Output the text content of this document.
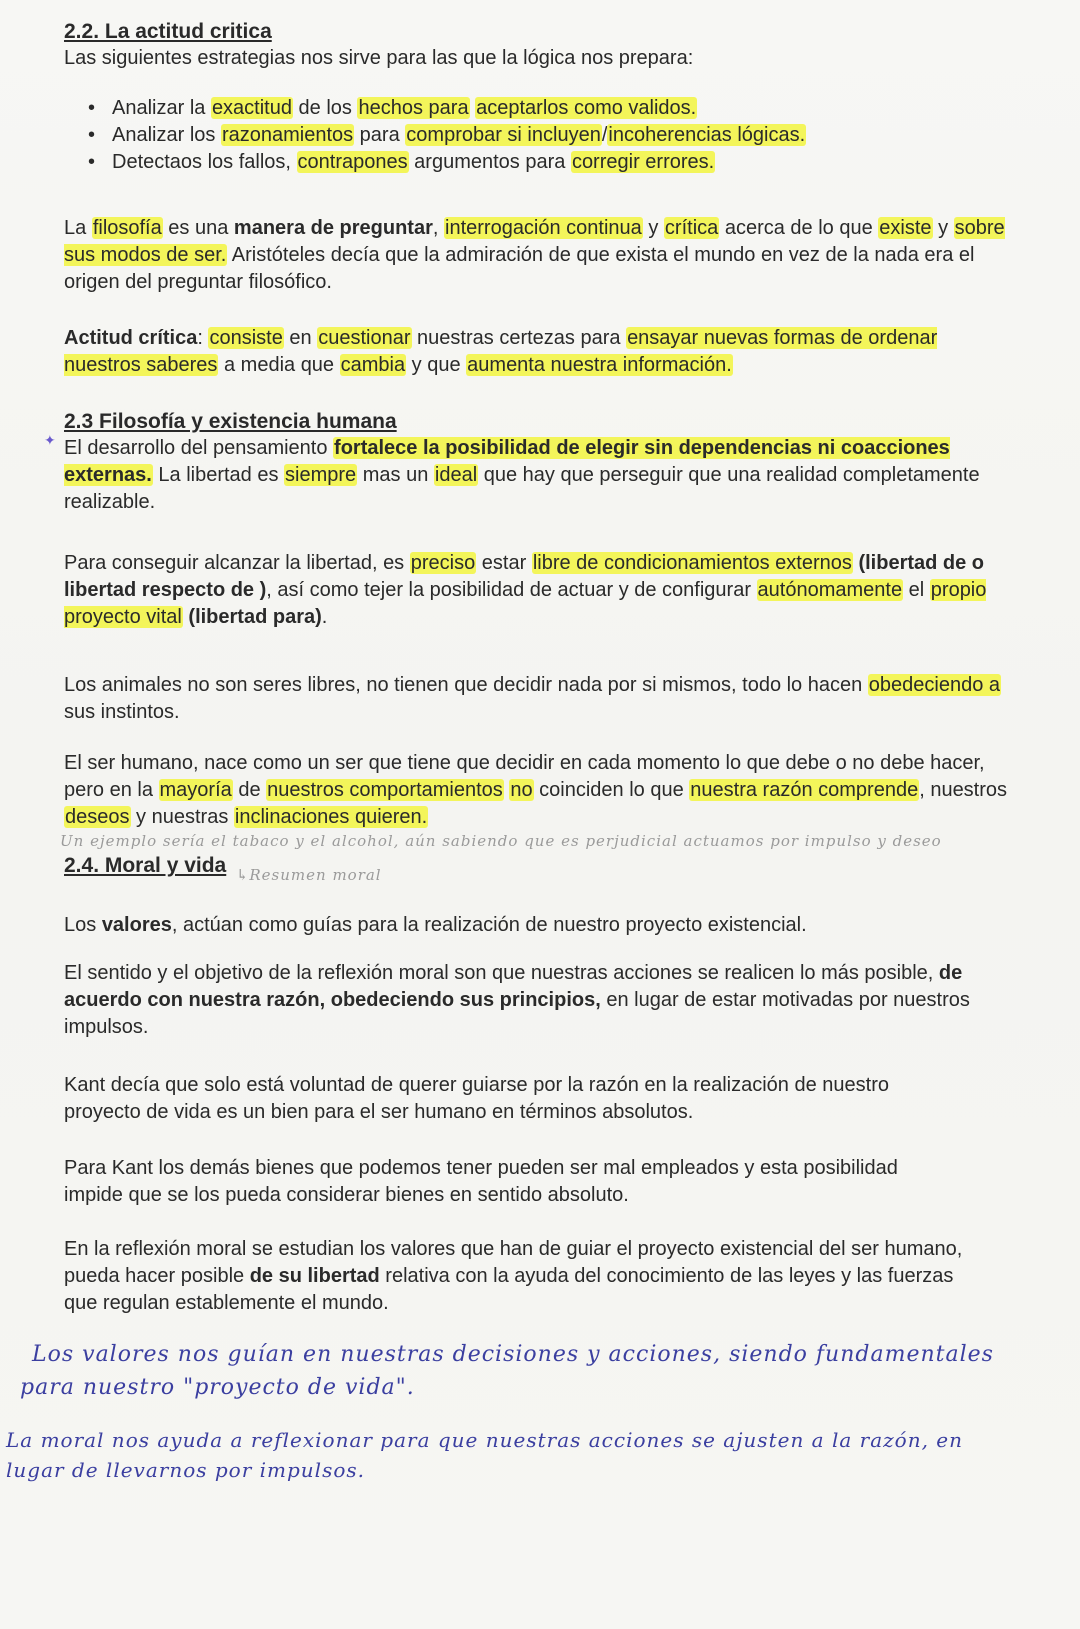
2.2. La actitud critica
Las siguientes estrategias nos sirve para las que la lógica nos prepara:
• Analizar la exactitud de los hechos para aceptarlos como validos.
• Analizar los razonamientos para comprobar si incluyen/incoherencias lógicas.
• Detectaos los fallos, contrapones argumentos para corregir errores.
La filosofía es una manera de preguntar, interrogación continua y crítica acerca de lo que existe y sobre sus modos de ser. Aristóteles decía que la admiración de que exista el mundo en vez de la nada era el origen del preguntar filosófico.
Actitud crítica: consiste en cuestionar nuestras certezas para ensayar nuevas formas de ordenar nuestros saberes a media que cambia y que aumenta nuestra información.
✦
2.3 Filosofía y existencia humana
El desarrollo del pensamiento fortalece la posibilidad de elegir sin dependencias ni coacciones externas. La libertad es siempre mas un ideal que hay que perseguir que una realidad completamente realizable.
Para conseguir alcanzar la libertad, es preciso estar libre de condicionamientos externos (libertad de o libertad respecto de ), así como tejer la posibilidad de actuar y de configurar autónomamente el propio proyecto vital (libertad para).
Los animales no son seres libres, no tienen que decidir nada por si mismos, todo lo hacen obedeciendo a sus instintos.
El ser humano, nace como un ser que tiene que decidir en cada momento lo que debe o no debe hacer, pero en la mayoría de nuestros comportamientos no coinciden lo que nuestra razón comprende, nuestros deseos y nuestras inclinaciones quieren.
Un ejemplo sería el tabaco y el alcohol, aún sabiendo que es perjudicial actuamos por impulso y deseo
2.4. Moral y vida $_{↳Resumen moral}$
Los valores, actúan como guías para la realización de nuestro proyecto existencial.
El sentido y el objetivo de la reflexión moral son que nuestras acciones se realicen lo más posible, de acuerdo con nuestra razón, obedeciendo sus principios, en lugar de estar motivadas por nuestros impulsos.
Kant decía que solo está voluntad de querer guiarse por la razón en la realización de nuestro proyecto de vida es un bien para el ser humano en términos absolutos.
Para Kant los demás bienes que podemos tener pueden ser mal empleados y esta posibilidad impide que se los pueda considerar bienes en sentido absoluto.
En la reflexión moral se estudian los valores que han de guiar el proyecto existencial del ser humano, pueda hacer posible de su libertad relativa con la ayuda del conocimiento de las leyes y las fuerzas que regulan establemente el mundo.
Los valores nos guían en nuestras decisiones y acciones, siendo fundamentales
para nuestro "proyecto de vida".
La moral nos ayuda a reflexionar para que nuestras acciones se ajusten a la razón, en
lugar de llevarnos por impulsos.
